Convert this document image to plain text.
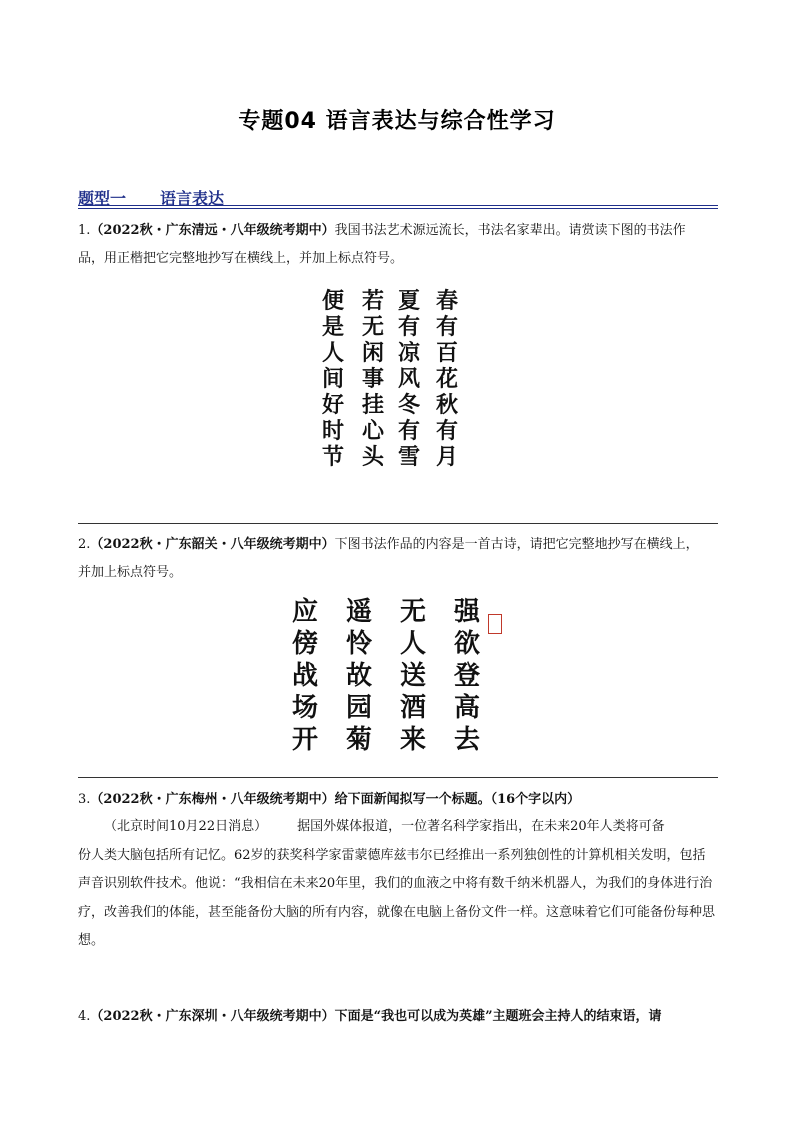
专题04 语言表达与综合性学习
题型一 语言表达

1.（2022秋・广东清远・八年级统考期中）我国书法艺术源远流长，书法名家辈出。请赏读下图的书法作

品，用正楷把它完整地抄写在横线上，并加上标点符号。

春
有
百
花
秋
有
月
夏
有
凉
风
冬
有
雪
若
无
闲
事
挂
心
头
便
是
人
间
好
时
节

2.（2022秋・广东韶关・八年级统考期中）下图书法作品的内容是一首古诗，请把它完整地抄写在横线上，

并加上标点符号。

强
欲
登
高
去
无
人
送
酒
来
遥
怜
故
园
菊
应
傍
战
场
开

3.（2022秋・广东梅州・八年级统考期中）给下面新闻拟写一个标题。（16个字以内）

（北京时间10月22日消息） 据国外媒体报道，一位著名科学家指出，在未来20年人类将可备

份人类大脑包括所有记忆。62岁的获奖科学家雷蒙德库兹韦尔已经推出一系列独创性的计算机相关发明，包括声音识别软件技术。他说：“我相信在未来20年里，我们的血液之中将有数千纳米机器人，为我们的身体进行治疗，改善我们的体能，甚至能备份大脑的所有内容，就像在电脑上备份文件一样。这意味着它们可能备份每种思想。

4.（2022秋・广东深圳・八年级统考期中）下面是“我也可以成为英雄”主题班会主持人的结束语，请
